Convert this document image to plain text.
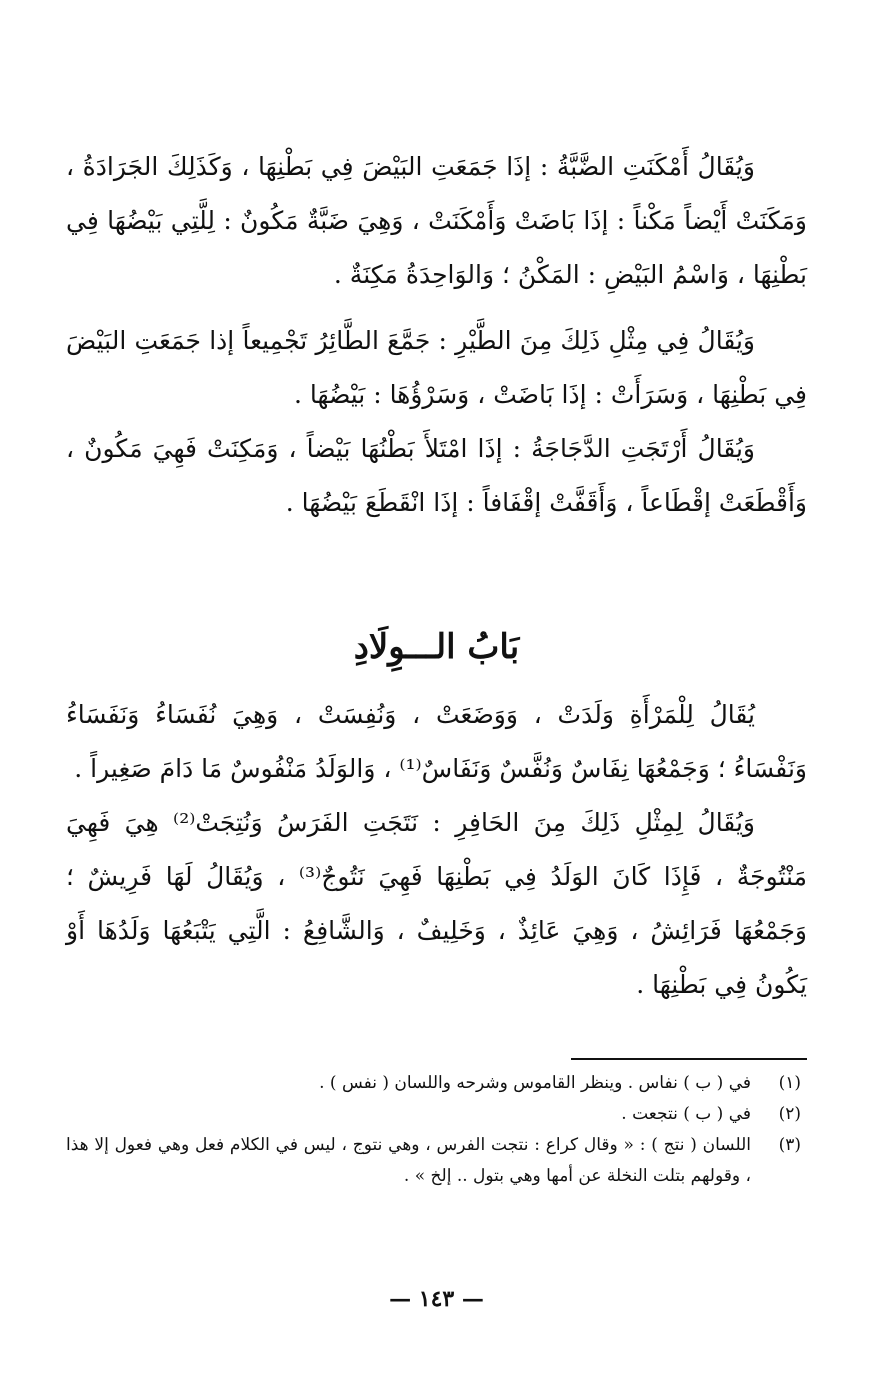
وَيُقَالُ أَمْكَنَتِ الضَّبَّةُ : إذَا جَمَعَتِ البَيْضَ فِي بَطْنِهَا ، وَكَذَلِكَ الجَرَادَةُ ، وَمَكَنَتْ أَيْضاً مَكْناً : إذَا بَاضَتْ وَأَمْكَنَتْ ، وَهِيَ ضَبَّةٌ مَكُونٌ : لِلَّتِي بَيْضُهَا فِي بَطْنِهَا ، وَاسْمُ البَيْضِ : المَكْنُ ؛ وَالوَاحِدَةُ مَكِنَةٌ .

وَيُقَالُ فِي مِثْلِ ذَلِكَ مِنَ الطَّيْرِ : جَمَّعَ الطَّائِرُ تَجْمِيعاً إذا جَمَعَتِ البَيْضَ فِي بَطْنِهَا ، وَسَرَأَتْ : إذَا بَاضَتْ ، وَسَرْؤُهَا : بَيْضُهَا .

وَيُقَالُ أَرْتَجَتِ الدَّجَاجَةُ : إذَا امْتَلأَ بَطْنُهَا بَيْضاً ، وَمَكِنَتْ فَهِيَ مَكُونٌ ، وَأَقْطَعَتْ إقْطَاعاً ، وَأَقَفَّتْ إقْفَافاً : إذَا انْقَطَعَ بَيْضُهَا .

بَابُ الـــوِلَادِ

يُقَالُ لِلْمَرْأَةِ وَلَدَتْ ، وَوَضَعَتْ ، وَنُفِسَتْ ، وَهِيَ نُفَسَاءُ وَنَفَسَاءُ وَنَفْسَاءُ ؛ وَجَمْعُهَا نِفَاسٌ وَنُفَّسٌ وَنَفَاسٌ⁽¹⁾ ، وَالوَلَدُ مَنْفُوسٌ مَا دَامَ صَغِيراً .

وَيُقَالُ لِمِثْلِ ذَلِكَ مِنَ الحَافِرِ : نَتَجَتِ الفَرَسُ وَنُتِجَتْ⁽²⁾ هِيَ فَهِيَ مَنْتُوجَةٌ ، فَإِذَا كَانَ الوَلَدُ فِي بَطْنِهَا فَهِيَ نَتُوجٌ⁽³⁾ ، وَيُقَالُ لَهَا فَرِيشٌ ؛ وَجَمْعُهَا فَرَائِشُ ، وَهِيَ عَائِذٌ ، وَخَلِيفٌ ، وَالشَّافِعُ : الَّتِي يَتْبَعُهَا وَلَدُهَا أَوْ يَكُونُ فِي بَطْنِهَا .

(١)
في ( ب ) نفاس . وينظر القاموس وشرحه واللسان ( نفس ) .
(٢)
في ( ب ) نتجعت .
(٣)
اللسان ( نتج ) : « وقال كراع : نتجت الفرس ، وهي نتوج ، ليس في الكلام فعل وهي فعول إلا هذا ، وقولهم بتلت النخلة عن أمها وهي بتول .. إلخ » .
— ١٤٣ —
